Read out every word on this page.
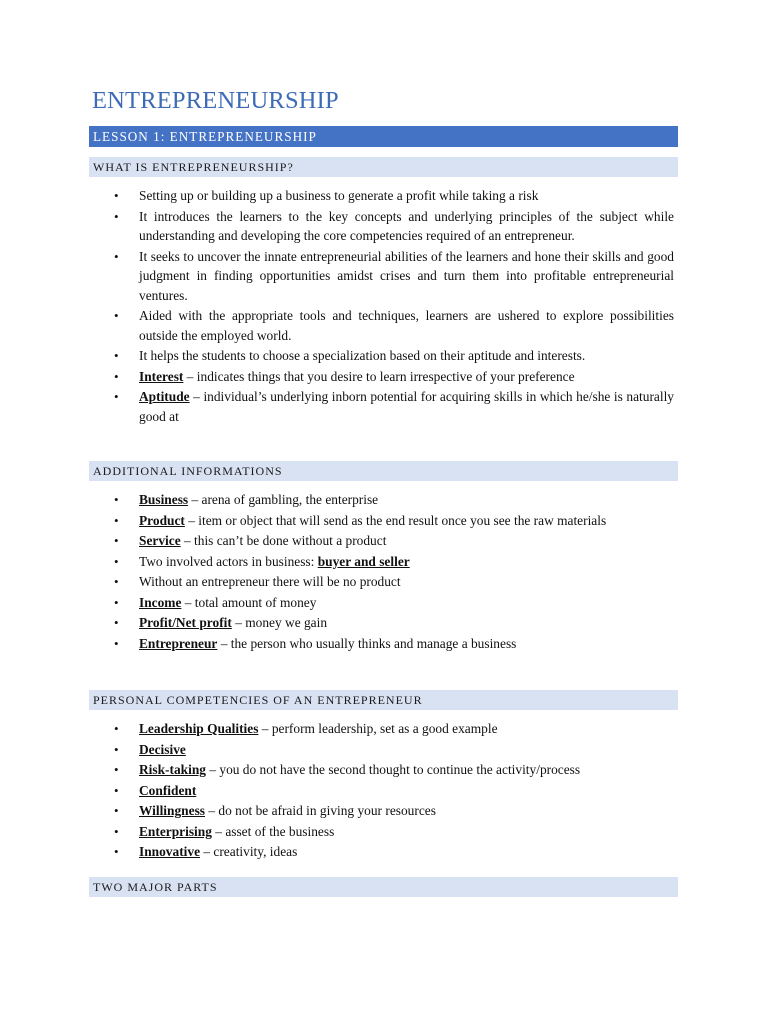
ENTREPRENEURSHIP
LESSON 1: ENTREPRENEURSHIP
WHAT IS ENTREPRENEURSHIP?
•	Setting up or building up a business to generate a profit while taking a risk
•	It introduces the learners to the key concepts and underlying principles of the subject while understanding and developing the core competencies required of an entrepreneur.
•	It seeks to uncover the innate entrepreneurial abilities of the learners and hone their skills and good judgment in finding opportunities amidst crises and turn them into profitable entrepreneurial ventures.
•	Aided with the appropriate tools and techniques, learners are ushered to explore possibilities outside the employed world.
•	It helps the students to choose a specialization based on their aptitude and interests.
•	Interest – indicates things that you desire to learn irrespective of your preference
•	Aptitude – individual’s underlying inborn potential for acquiring skills in which he/she is naturally good at
ADDITIONAL INFORMATIONS
•	Business – arena of gambling, the enterprise
•	Product – item or object that will send as the end result once you see the raw materials
•	Service – this can’t be done without a product
•	Two involved actors in business: buyer and seller
•	Without an entrepreneur there will be no product
•	Income – total amount of money
•	Profit/Net profit – money we gain
•	Entrepreneur – the person who usually thinks and manage a business
PERSONAL COMPETENCIES OF AN ENTREPRENEUR
•	Leadership Qualities – perform leadership, set as a good example
•	Decisive
•	Risk-taking – you do not have the second thought to continue the activity/process
•	Confident
•	Willingness – do not be afraid in giving your resources
•	Enterprising – asset of the business
•	Innovative – creativity, ideas
TWO MAJOR PARTS
